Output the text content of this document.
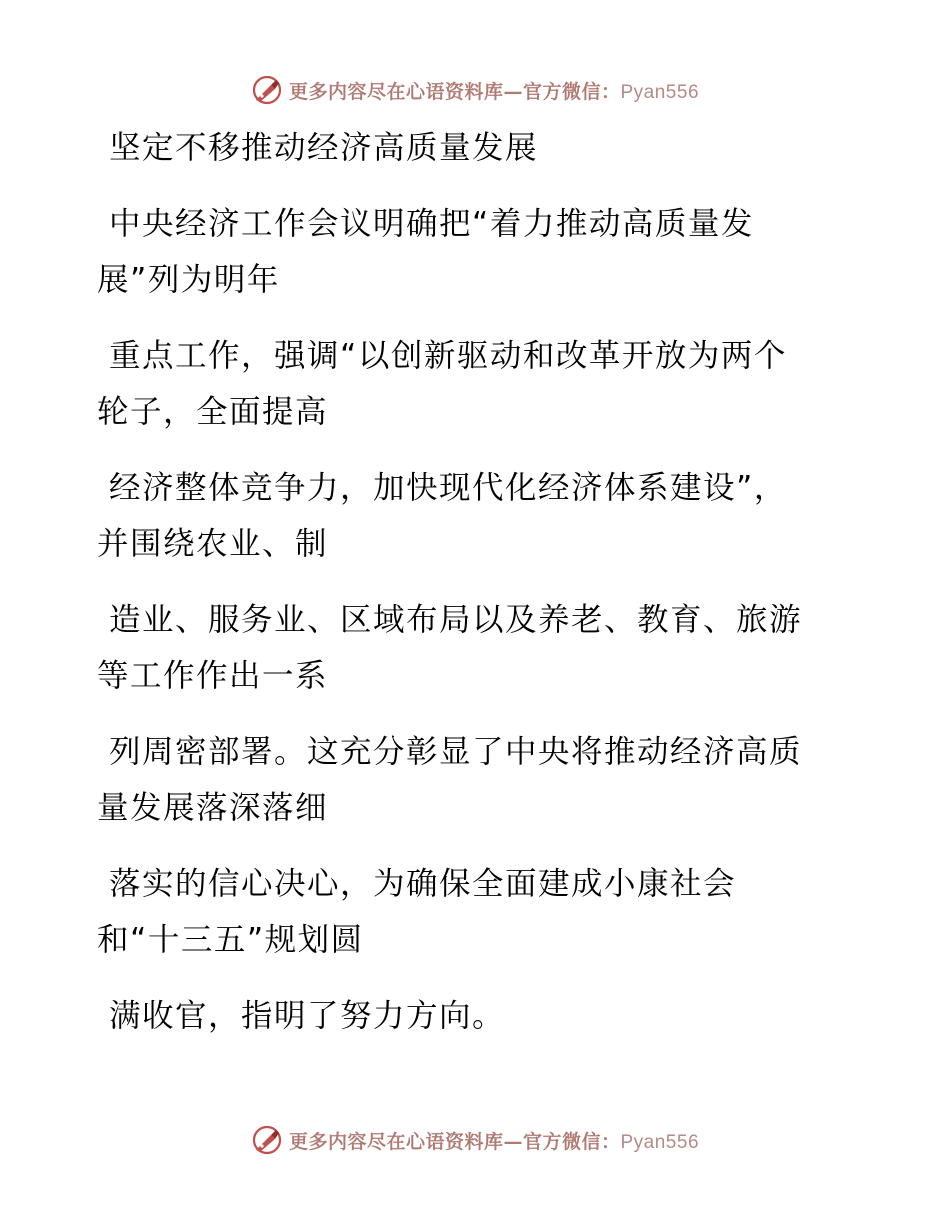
更多内容尽在心语资料库—官方微信：Pyan556
坚定不移推动经济高质量发展
中央经济工作会议明确把“着力推动高质量发
展”列为明年
重点工作，强调“以创新驱动和改革开放为两个
轮子，全面提高
经济整体竞争力，加快现代化经济体系建设”，
并围绕农业、制
造业、服务业、区域布局以及养老、教育、旅游
等工作作出一系
列周密部署。这充分彰显了中央将推动经济高质
量发展落深落细
落实的信心决心，为确保全面建成小康社会
和“十三五”规划圆
满收官，指明了努力方向。
更多内容尽在心语资料库—官方微信：Pyan556
